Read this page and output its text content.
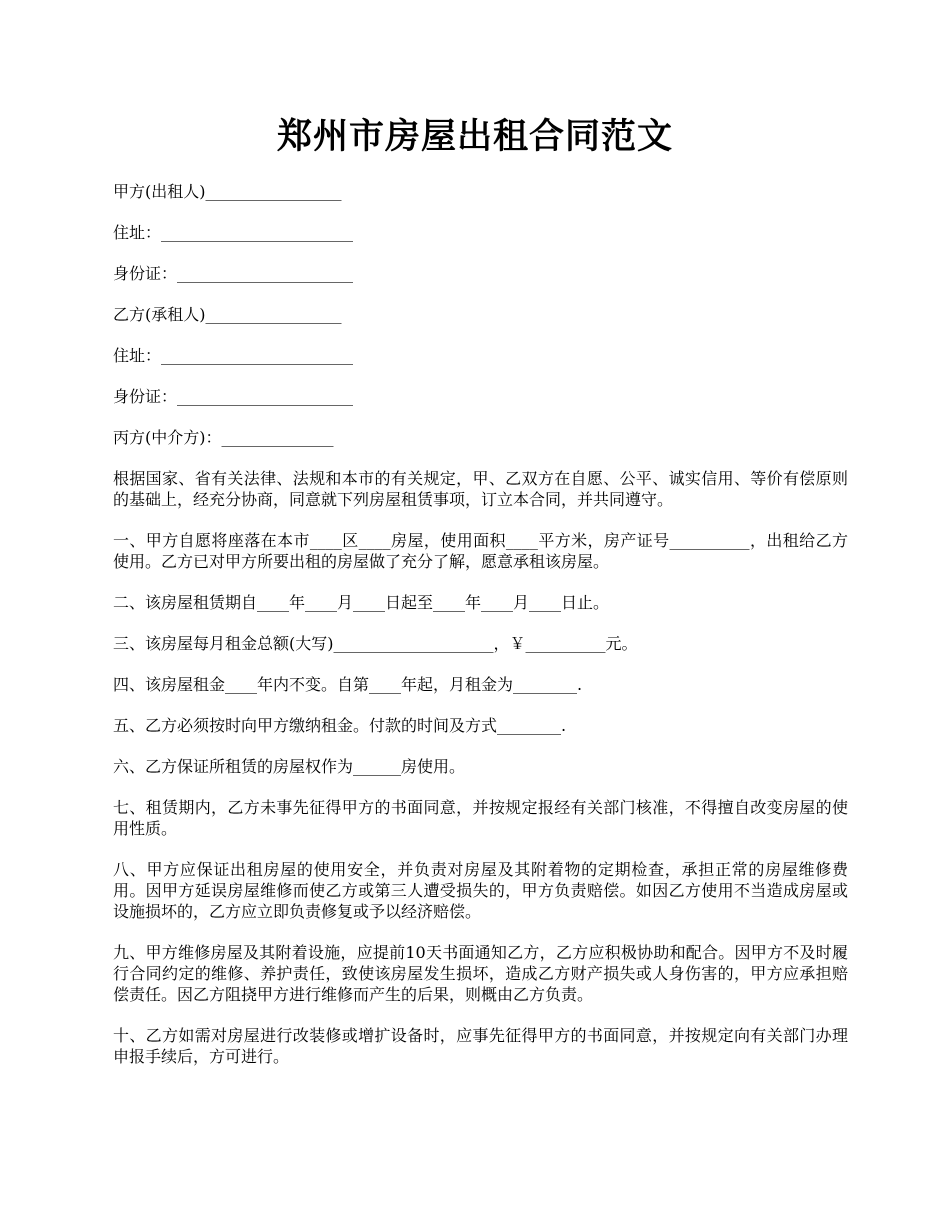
郑州市房屋出租合同范文

甲方(出租人)_________________

住址：________________________

身份证：______________________

乙方(承租人)_________________

住址：________________________

身份证：______________________

丙方(中介方)：______________

根据国家、省有关法律、法规和本市的有关规定，甲、乙双方在自愿、公平、诚实信用、等价有偿原则的基础上，经充分协商，同意就下列房屋租赁事项，订立本合同，并共同遵守。

一、甲方自愿将座落在本市____区____房屋，使用面积____平方米，房产证号__________，出租给乙方使用。乙方已对甲方所要出租的房屋做了充分了解，愿意承租该房屋。

二、该房屋租赁期自____年____月____日起至____年____月____日止。

三、该房屋每月租金总额(大写)____________________，￥__________元。

四、该房屋租金____年内不变。自第____年起，月租金为________.

五、乙方必须按时向甲方缴纳租金。付款的时间及方式________.

六、乙方保证所租赁的房屋权作为______房使用。

七、租赁期内，乙方未事先征得甲方的书面同意，并按规定报经有关部门核准，不得擅自改变房屋的使用性质。

八、甲方应保证出租房屋的使用安全，并负责对房屋及其附着物的定期检查，承担正常的房屋维修费用。因甲方延误房屋维修而使乙方或第三人遭受损失的，甲方负责赔偿。如因乙方使用不当造成房屋或设施损坏的，乙方应立即负责修复或予以经济赔偿。

九、甲方维修房屋及其附着设施，应提前10天书面通知乙方，乙方应积极协助和配合。因甲方不及时履行合同约定的维修、养护责任，致使该房屋发生损坏，造成乙方财产损失或人身伤害的，甲方应承担赔偿责任。因乙方阻挠甲方进行维修而产生的后果，则概由乙方负责。

十、乙方如需对房屋进行改装修或增扩设备时，应事先征得甲方的书面同意，并按规定向有关部门办理申报手续后，方可进行。
